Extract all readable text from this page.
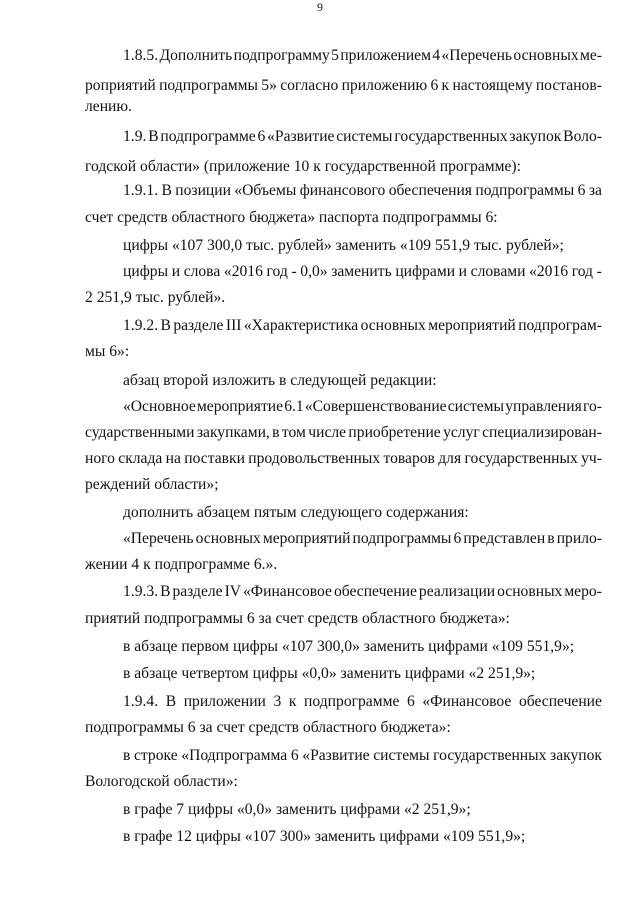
9
1.8.5. Дополнить подпрограмму 5 приложением 4 «Перечень основных ме-
роприятий подпрограммы 5» согласно приложению 6 к настоящему постанов-
лению.
1.9. В подпрограмме 6 «Развитие системы государственных закупок Воло-
годской области» (приложение 10 к государственной программе):
1.9.1. В позиции «Объемы финансового обеспечения подпрограммы 6 за
счет средств областного бюджета» паспорта подпрограммы 6:
цифры «107 300,0 тыс. рублей» заменить «109 551,9 тыс. рублей»;
цифры и слова «2016 год - 0,0» заменить цифрами и словами «2016 год -
2 251,9 тыс. рублей».
1.9.2. В разделе III «Характеристика основных мероприятий подпрограм-
мы 6»:
абзац второй изложить в следующей редакции:
«Основное мероприятие 6.1 «Совершенствование системы управления го-
сударственными закупками, в том числе приобретение услуг специализирован-
ного склада на поставки продовольственных товаров для государственных уч-
реждений области»;
дополнить абзацем пятым следующего содержания:
«Перечень основных мероприятий подпрограммы 6 представлен в прило-
жении 4 к подпрограмме 6.».
1.9.3. В разделе IV «Финансовое обеспечение реализации основных меро-
приятий подпрограммы 6 за счет средств областного бюджета»:
в абзаце первом цифры «107 300,0» заменить цифрами «109 551,9»;
в абзаце четвертом цифры «0,0» заменить цифрами «2 251,9»;
1.9.4. В приложении 3 к подпрограмме 6 «Финансовое обеспечение
подпрограммы 6 за счет средств областного бюджета»:
в строке «Подпрограмма 6 «Развитие системы государственных закупок
Вологодской области»:
в графе 7 цифры «0,0» заменить цифрами «2 251,9»;
в графе 12 цифры «107 300» заменить цифрами «109 551,9»;
